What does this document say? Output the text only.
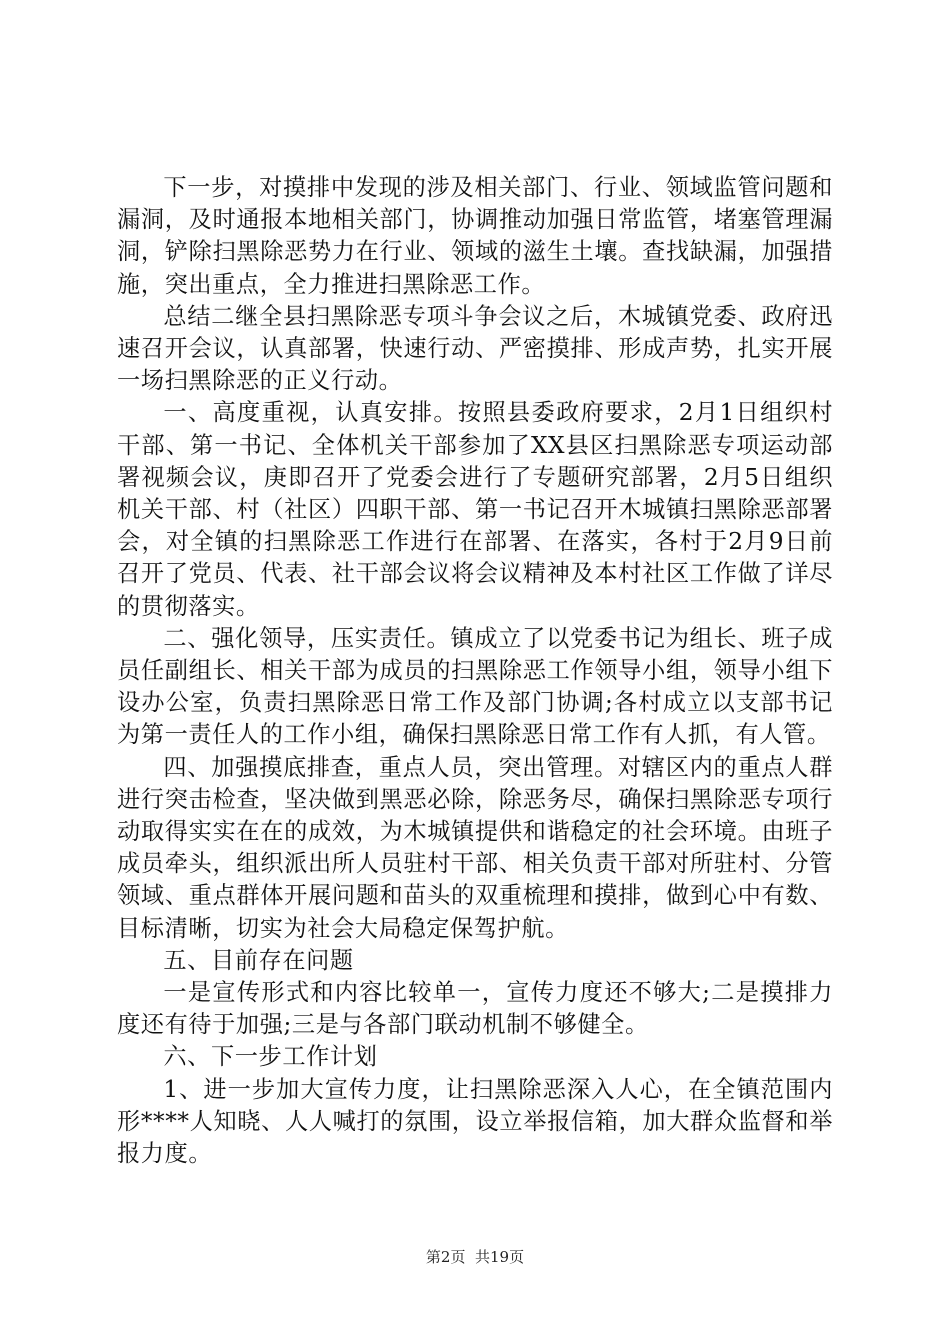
下一步，对摸排中发现的涉及相关部门、行业、领域监管问题和漏洞，及时通报本地相关部门，协调推动加强日常监管，堵塞管理漏洞，铲除扫黑除恶势力在行业、领域的滋生土壤。查找缺漏，加强措施，突出重点，全力推进扫黑除恶工作。

总结二继全县扫黑除恶专项斗争会议之后，木城镇党委、政府迅速召开会议，认真部署，快速行动、严密摸排、形成声势，扎实开展一场扫黑除恶的正义行动。

一、高度重视，认真安排。按照县委政府要求，2月1日组织村干部、第一书记、全体机关干部参加了XX县区扫黑除恶专项运动部署视频会议，庚即召开了党委会进行了专题研究部署，2月5日组织机关干部、村（社区）四职干部、第一书记召开木城镇扫黑除恶部署会，对全镇的扫黑除恶工作进行在部署、在落实，各村于2月9日前召开了党员、代表、社干部会议将会议精神及本村社区工作做了详尽的贯彻落实。

二、强化领导，压实责任。镇成立了以党委书记为组长、班子成员任副组长、相关干部为成员的扫黑除恶工作领导小组，领导小组下设办公室，负责扫黑除恶日常工作及部门协调;各村成立以支部书记为第一责任人的工作小组，确保扫黑除恶日常工作有人抓，有人管。

四、加强摸底排查，重点人员，突出管理。对辖区内的重点人群进行突击检查，坚决做到黑恶必除，除恶务尽，确保扫黑除恶专项行动取得实实在在的成效，为木城镇提供和谐稳定的社会环境。由班子成员牵头，组织派出所人员驻村干部、相关负责干部对所驻村、分管领域、重点群体开展问题和苗头的双重梳理和摸排，做到心中有数、目标清晰，切实为社会大局稳定保驾护航。

五、目前存在问题

一是宣传形式和内容比较单一，宣传力度还不够大;二是摸排力度还有待于加强;三是与各部门联动机制不够健全。

六、下一步工作计划

1、进一步加大宣传力度，让扫黑除恶深入人心，在全镇范围内形****人知晓、人人喊打的氛围，设立举报信箱，加大群众监督和举报力度。

第2页  共19页
